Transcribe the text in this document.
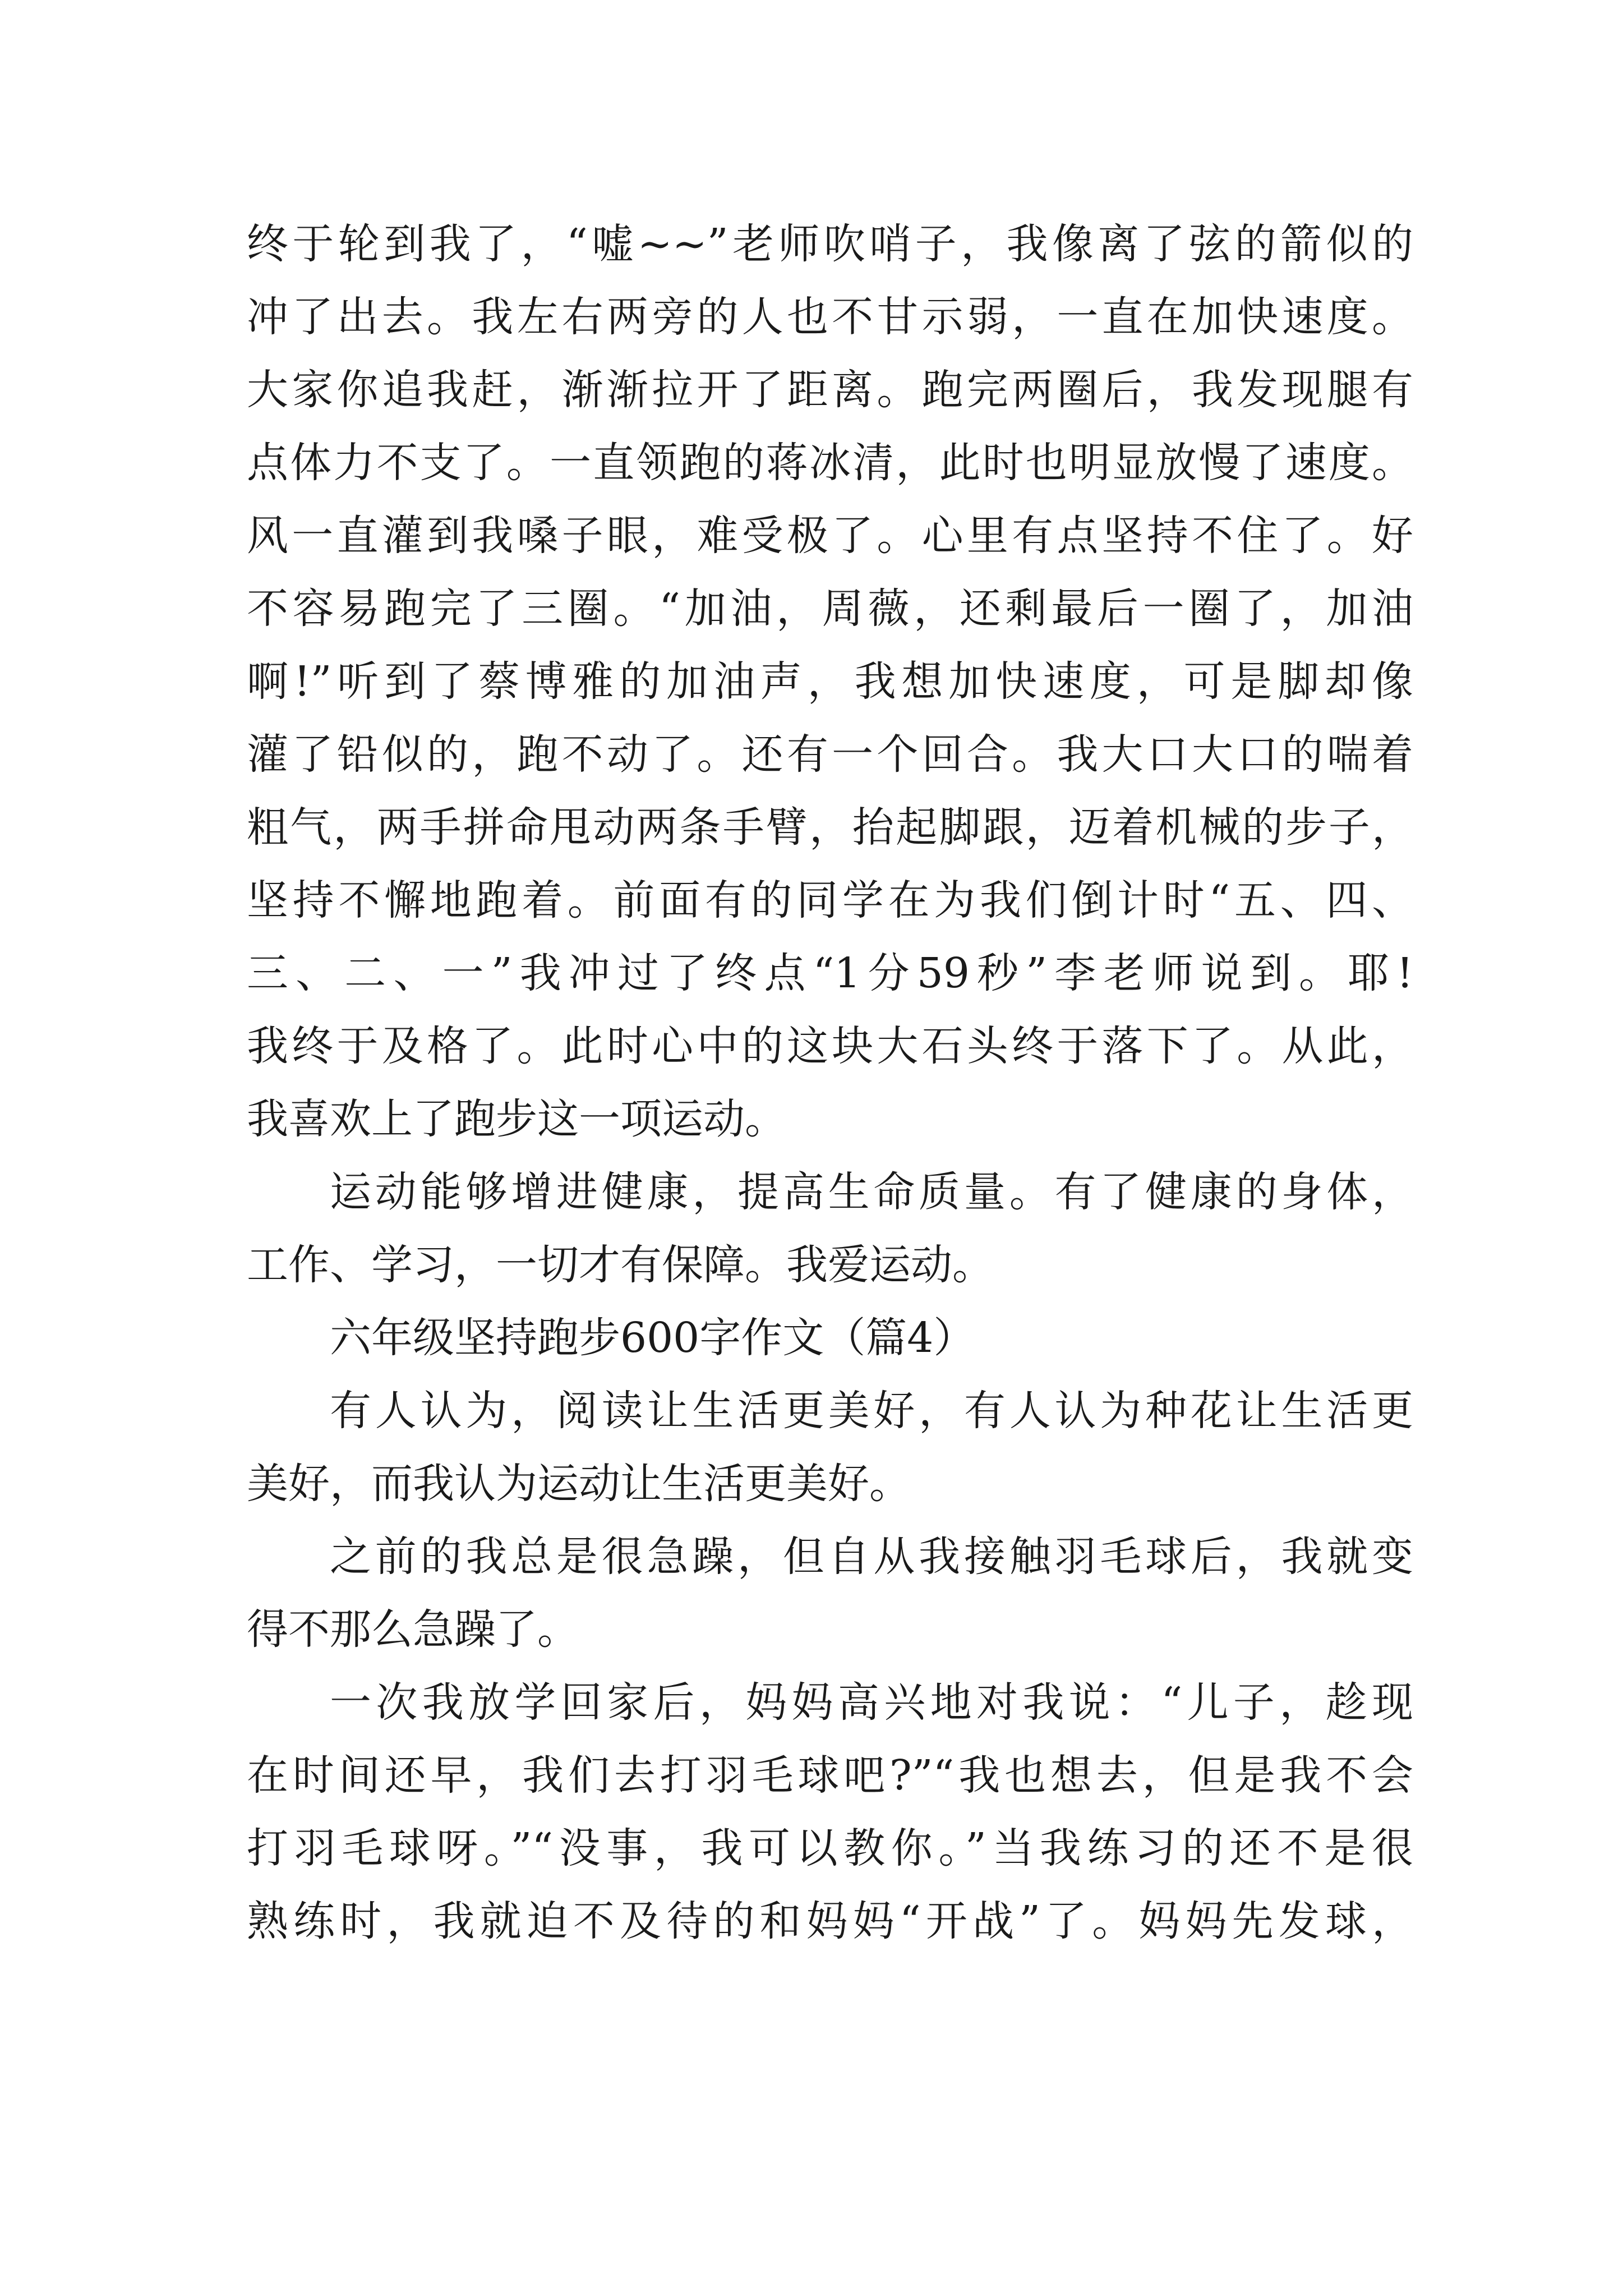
终于轮到我了，“嘘~~”老师吹哨子，我像离了弦的箭似的
冲了出去。我左右两旁的人也不甘示弱，一直在加快速度。
大家你追我赶，渐渐拉开了距离。跑完两圈后，我发现腿有
点体力不支了。一直领跑的蒋冰清，此时也明显放慢了速度。
风一直灌到我嗓子眼，难受极了。心里有点坚持不住了。好
不容易跑完了三圈。“加油，周薇，还剩最后一圈了，加油
啊!”听到了蔡博雅的加油声，我想加快速度，可是脚却像
灌了铅似的，跑不动了。还有一个回合。我大口大口的喘着
粗气，两手拼命甩动两条手臂，抬起脚跟，迈着机械的步子，
坚持不懈地跑着。前面有的同学在为我们倒计时“五、四、
三、二、一”我冲过了终点“1分59秒”李老师说到。耶!
我终于及格了。此时心中的这块大石头终于落下了。从此，
我喜欢上了跑步这一项运动。
运动能够增进健康，提高生命质量。有了健康的身体，
工作、学习，一切才有保障。我爱运动。
六年级坚持跑步600字作文（篇4）
有人认为，阅读让生活更美好，有人认为种花让生活更
美好，而我认为运动让生活更美好。
之前的我总是很急躁，但自从我接触羽毛球后，我就变
得不那么急躁了。
一次我放学回家后，妈妈高兴地对我说：“儿子，趁现
在时间还早，我们去打羽毛球吧?”“我也想去，但是我不会
打羽毛球呀。”“没事，我可以教你。”当我练习的还不是很
熟练时，我就迫不及待的和妈妈“开战”了。妈妈先发球，
